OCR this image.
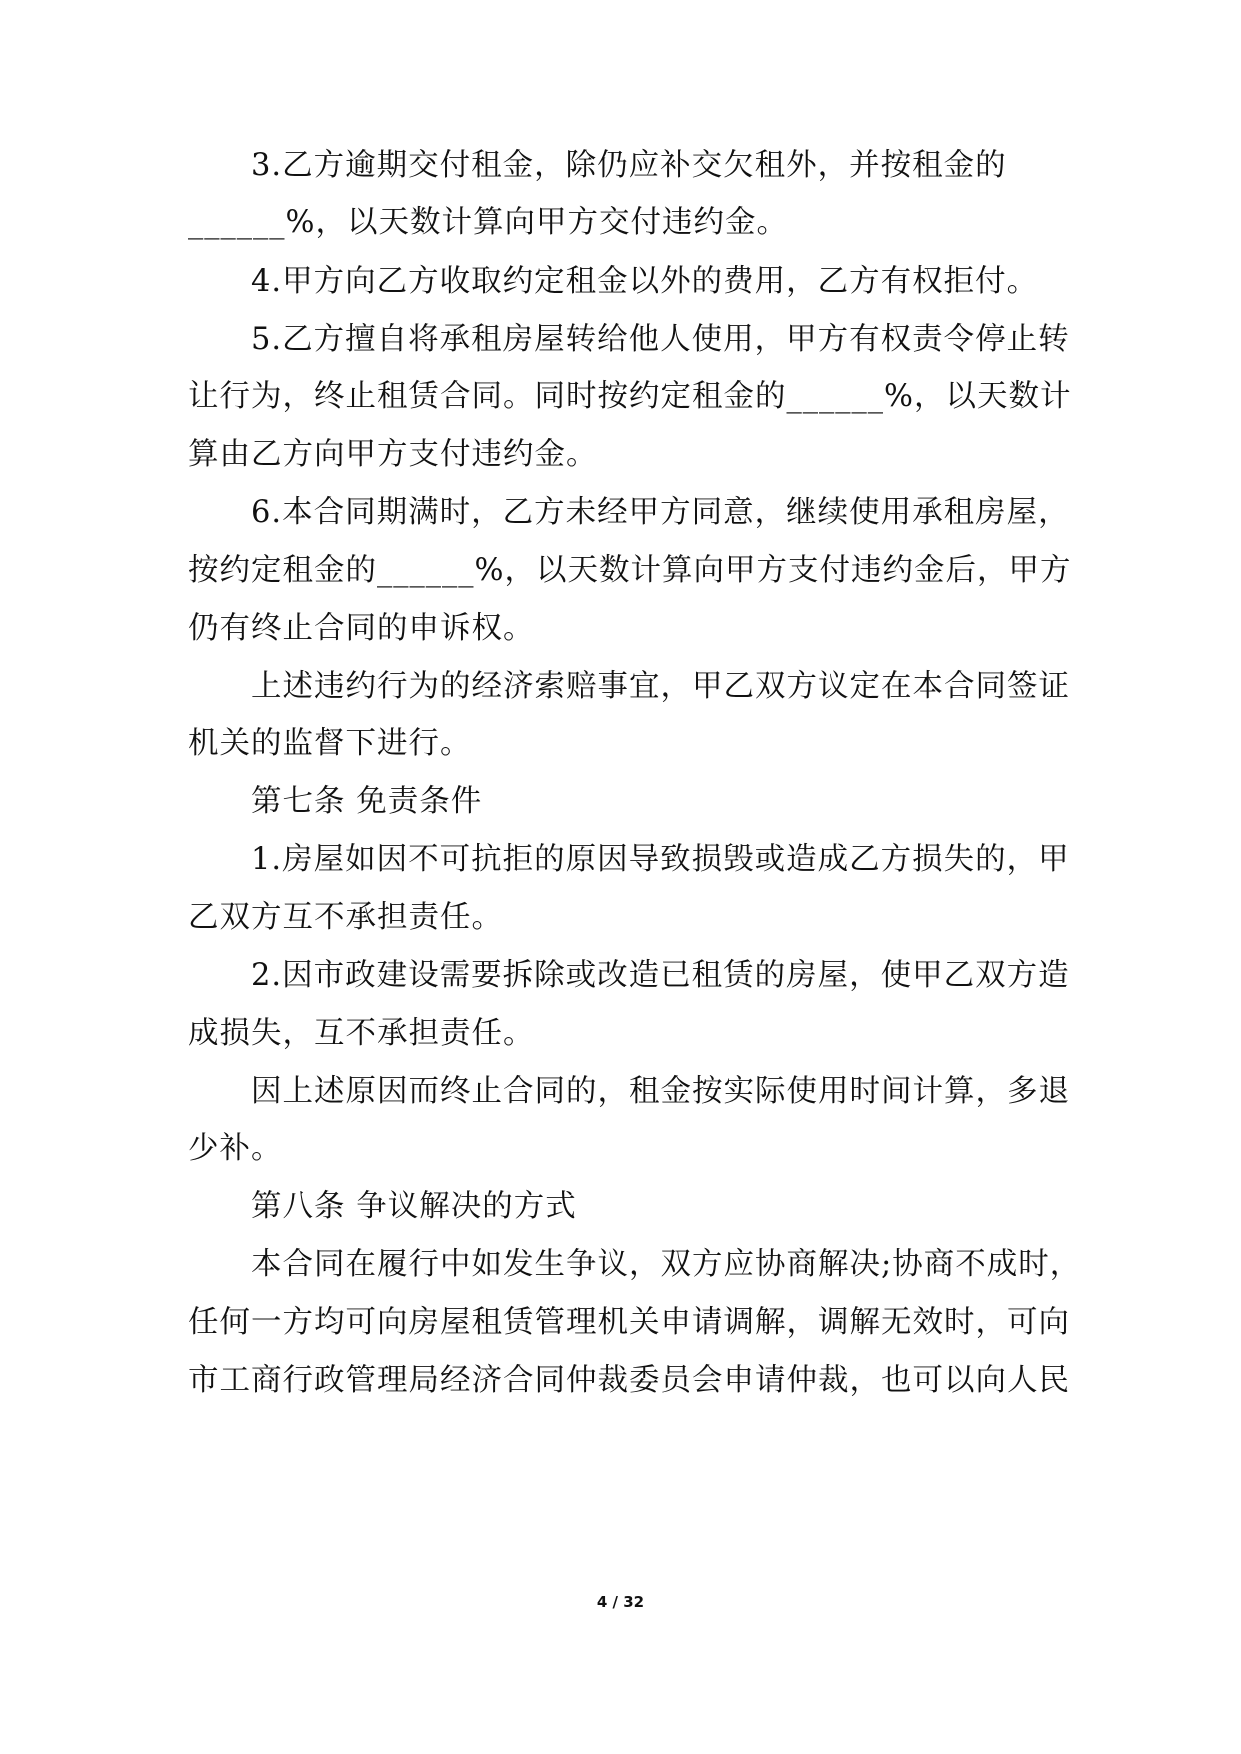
　　3.乙方逾期交付租金，除仍应补交欠租外，并按租金的
______%，以天数计算向甲方交付违约金。
　　4.甲方向乙方收取约定租金以外的费用，乙方有权拒付。
　　5.乙方擅自将承租房屋转给他人使用，甲方有权责令停止转
让行为，终止租赁合同。同时按约定租金的______%，以天数计
算由乙方向甲方支付违约金。
　　6.本合同期满时，乙方未经甲方同意，继续使用承租房屋，
按约定租金的______%，以天数计算向甲方支付违约金后，甲方
仍有终止合同的申诉权。
　　上述违约行为的经济索赔事宜，甲乙双方议定在本合同签证
机关的监督下进行。
　　第七条 免责条件
　　1.房屋如因不可抗拒的原因导致损毁或造成乙方损失的，甲
乙双方互不承担责任。
　　2.因市政建设需要拆除或改造已租赁的房屋，使甲乙双方造
成损失，互不承担责任。
　　因上述原因而终止合同的，租金按实际使用时间计算，多退
少补。
　　第八条 争议解决的方式
　　本合同在履行中如发生争议，双方应协商解决;协商不成时，
任何一方均可向房屋租赁管理机关申请调解，调解无效时，可向
市工商行政管理局经济合同仲裁委员会申请仲裁，也可以向人民
4 / 32
